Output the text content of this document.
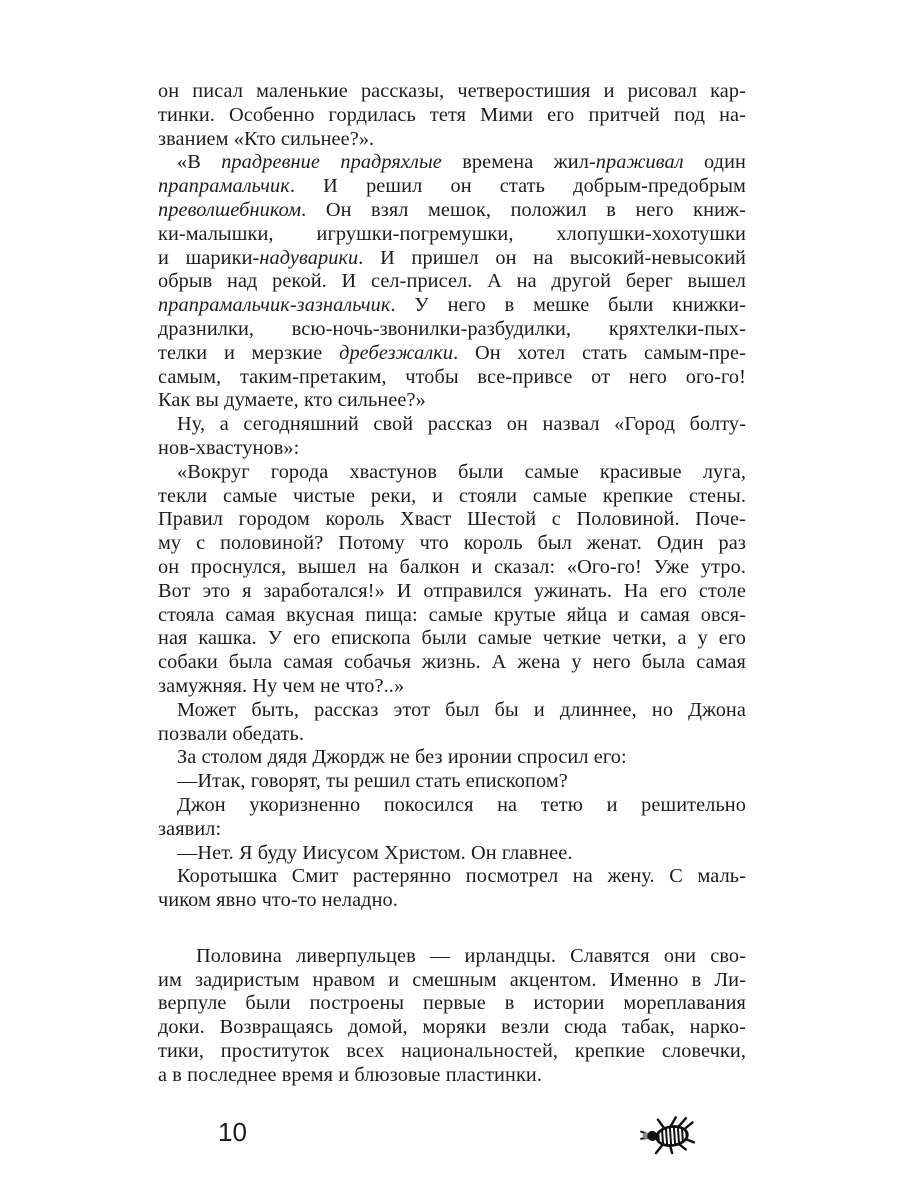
он писал маленькие рассказы, четверостишия и рисовал кар-
тинки. Особенно гордилась тетя Мими его притчей под на-
званием «Кто сильнее?».
«В прадревние прадряхлые времена жил-праживал один
прапрамальчик. И решил он стать добрым-предобрым
преволшебником. Он взял мешок, положил в него книж-
ки-малышки, игрушки-погремушки, хлопушки-хохотушки
и шарики-надуварики. И пришел он на высокий-невысокий
обрыв над рекой. И сел-присел. А на другой берег вышел
прапрамальчик-зазнальчик. У него в мешке были книжки-
дразнилки, всю-ночь-звонилки-разбудилки, кряхтелки-пых-
телки и мерзкие дребезжалки. Он хотел стать самым-пре-
самым, таким-претаким, чтобы все-привсе от него ого-го!
Как вы думаете, кто сильнее?»
Ну, а сегодняшний свой рассказ он назвал «Город болту-
нов-хвастунов»:
«Вокруг города хвастунов были самые красивые луга,
текли самые чистые реки, и стояли самые крепкие стены.
Правил городом король Хваст Шестой с Половиной. Поче-
му с половиной? Потому что король был женат. Один раз
он проснулся, вышел на балкон и сказал: «Ого-го! Уже утро.
Вот это я заработался!» И отправился ужинать. На его столе
стояла самая вкусная пища: самые крутые яйца и самая овся-
ная кашка. У его епископа были самые четкие четки, а у его
собаки была самая собачья жизнь. А жена у него была самая
замужняя. Ну чем не что?..»
Может быть, рассказ этот был бы и длиннее, но Джона
позвали обедать.
За столом дядя Джордж не без иронии спросил его:
—Итак, говорят, ты решил стать епископом?
Джон укоризненно покосился на тетю и решительно
заявил:
—Нет. Я буду Иисусом Христом. Он главнее.
Коротышка Смит растерянно посмотрел на жену. С маль-
чиком явно что-то неладно.
Половина ливерпульцев — ирландцы. Славятся они сво-
им задиристым нравом и смешным акцентом. Именно в Ли-
верпуле были построены первые в истории мореплавания
доки. Возвращаясь домой, моряки везли сюда табак, нарко-
тики, проституток всех национальностей, крепкие словечки,
а в последнее время и блюзовые пластинки.
10
